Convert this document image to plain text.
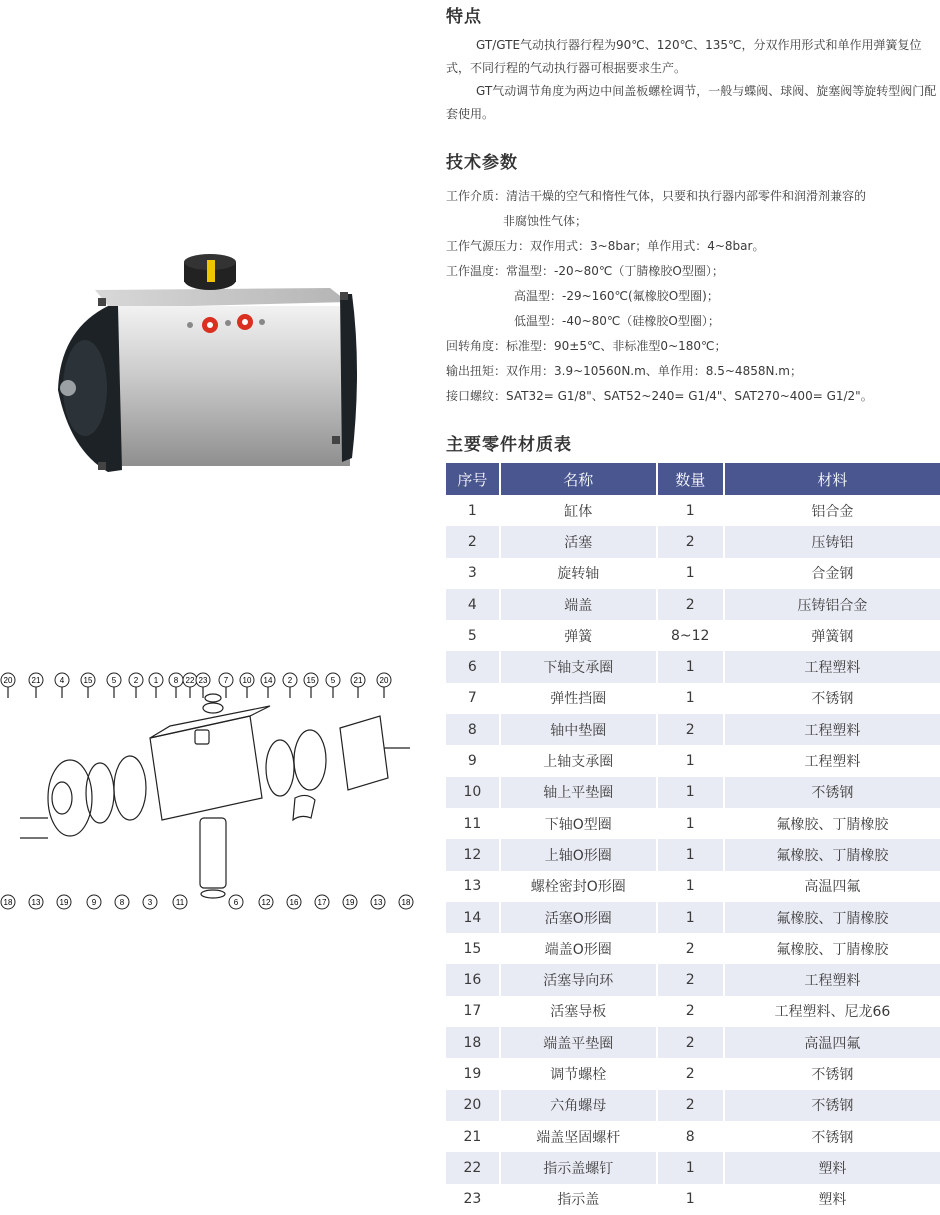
20 21 4 15 5 2 1 8 22 23 7 10 14 2 15 5 21 20
18 13 19	9	8	3	11	6	12 16 17 19 13 18
特点

GT/GTE气动执行器行程为90℃、120℃、135℃，分双作用形式和单作用弹簧复位式，不同行程的气动执行器可根据要求生产。

GT气动调节角度为两边中间盖板螺栓调节，一般与蝶阀、球阀、旋塞阀等旋转型阀门配套使用。

技术参数
工作介质：清洁干燥的空气和惰性气体，只要和执行器内部零件和润滑剂兼容的
非腐蚀性气体；
工作气源压力：双作用式：3~8bar；单作用式：4~8bar。
工作温度：常温型：-20~80℃（丁腈橡胶O型圈）；
高温型：-29~160℃(氟橡胶O型圈)；
低温型：-40~80℃（硅橡胶O型圈）；
回转角度：标准型：90±5℃、非标准型0~180℃；
输出扭矩：双作用：3.9~10560N.m、单作用：8.5~4858N.m；
接口螺纹：SAT32= G1/8"、SAT52~240= G1/4"、SAT270~400= G1/2"。
主要零件材质表
序号	名称	数量	材料
1	缸体	1	铝合金
2	活塞	2	压铸铝
3	旋转轴	1	合金钢
4	端盖	2	压铸铝合金
5	弹簧	8~12	弹簧钢
6	下轴支承圈	1	工程塑料
7	弹性挡圈	1	不锈钢
8	轴中垫圈	2	工程塑料
9	上轴支承圈	1	工程塑料
10	轴上平垫圈	1	不锈钢
11	下轴O型圈	1	氟橡胶、丁腈橡胶
12	上轴O形圈	1	氟橡胶、丁腈橡胶
13	螺栓密封O形圈	1	高温四氟
14	活塞O形圈	1	氟橡胶、丁腈橡胶
15	端盖O形圈	2	氟橡胶、丁腈橡胶
16	活塞导向环	2	工程塑料
17	活塞导板	2	工程塑料、尼龙66
18	端盖平垫圈	2	高温四氟
19	调节螺栓	2	不锈钢
20	六角螺母	2	不锈钢
21	端盖坚固螺杆	8	不锈钢
22	指示盖螺钉	1	塑料
23	指示盖	1	塑料
